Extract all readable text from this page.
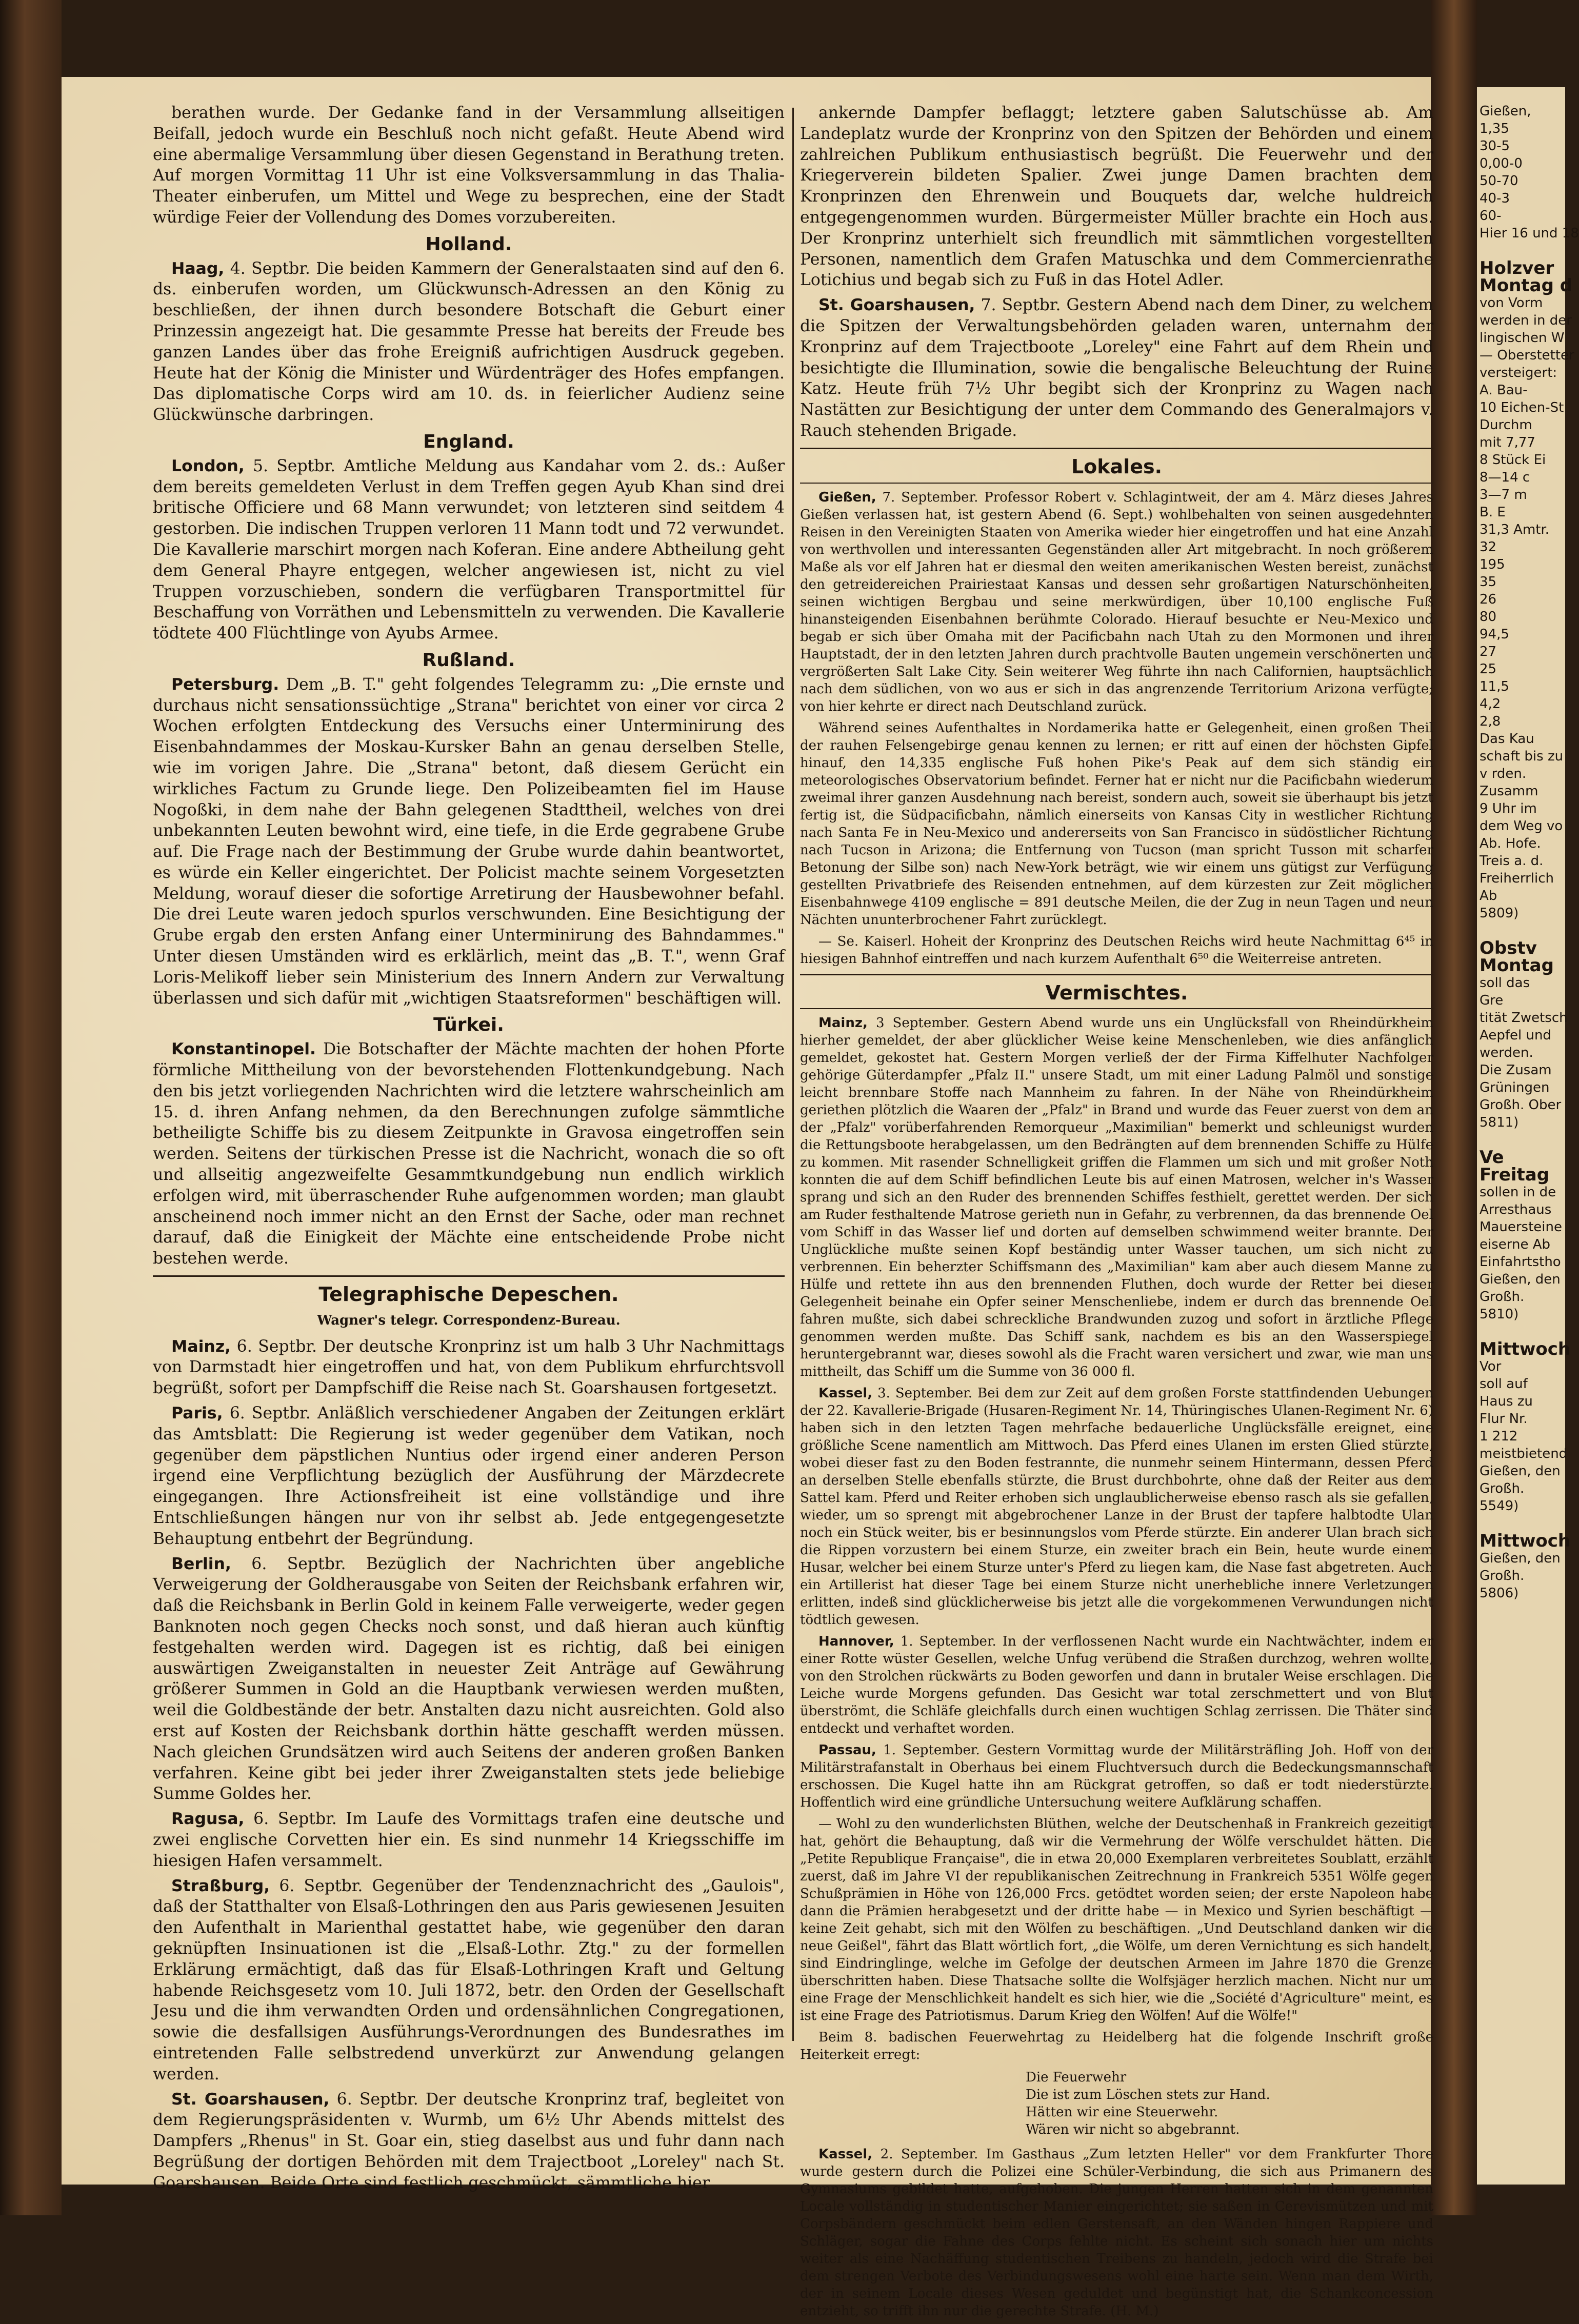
berathen wurde. Der Gedanke fand in der Versammlung allseitigen Beifall, jedoch wurde ein Beschluß noch nicht gefaßt. Heute Abend wird eine abermalige Versammlung über diesen Gegenstand in Berathung treten. Auf morgen Vormittag 11 Uhr ist eine Volksversammlung in das Thalia-Theater einberufen, um Mittel und Wege zu besprechen, eine der Stadt würdige Feier der Vollendung des Domes vorzubereiten.

Holland.

Haag, 4. Septbr. Die beiden Kammern der Generalstaaten sind auf den 6. ds. einberufen worden, um Glückwunsch-Adressen an den König zu beschließen, der ihnen durch besondere Botschaft die Geburt einer Prinzessin angezeigt hat. Die gesammte Presse hat bereits der Freude bes ganzen Landes über das frohe Ereigniß aufrichtigen Ausdruck gegeben. Heute hat der König die Minister und Würdenträger des Hofes empfangen. Das diplomatische Corps wird am 10. ds. in feierlicher Audienz seine Glückwünsche darbringen.

England.

London, 5. Septbr. Amtliche Meldung aus Kandahar vom 2. ds.: Außer dem bereits gemeldeten Verlust in dem Treffen gegen Ayub Khan sind drei britische Officiere und 68 Mann verwundet; von letzteren sind seitdem 4 gestorben. Die indischen Truppen verloren 11 Mann todt und 72 verwundet. Die Kavallerie marschirt morgen nach Koferan. Eine andere Abtheilung geht dem General Phayre entgegen, welcher angewiesen ist, nicht zu viel Truppen vorzuschieben, sondern die verfügbaren Transportmittel für Beschaffung von Vorräthen und Lebensmitteln zu verwenden. Die Kavallerie tödtete 400 Flüchtlinge von Ayubs Armee.

Rußland.

Petersburg. Dem „B. T." geht folgendes Telegramm zu: „Die ernste und durchaus nicht sensationssüchtige „Strana" berichtet von einer vor circa 2 Wochen erfolgten Entdeckung des Versuchs einer Unterminirung des Eisenbahndammes der Moskau-Kursker Bahn an genau derselben Stelle, wie im vorigen Jahre. Die „Strana" betont, daß diesem Gerücht ein wirkliches Factum zu Grunde liege. Den Polizeibeamten fiel im Hause Nogoßki, in dem nahe der Bahn gelegenen Stadttheil, welches von drei unbekannten Leuten bewohnt wird, eine tiefe, in die Erde gegrabene Grube auf. Die Frage nach der Bestimmung der Grube wurde dahin beantwortet, es würde ein Keller eingerichtet. Der Policist machte seinem Vorgesetzten Meldung, worauf dieser die sofortige Arretirung der Hausbewohner befahl. Die drei Leute waren jedoch spurlos verschwunden. Eine Besichtigung der Grube ergab den ersten Anfang einer Unterminirung des Bahndammes." Unter diesen Umständen wird es erklärlich, meint das „B. T.", wenn Graf Loris-Melikoff lieber sein Ministerium des Innern Andern zur Verwaltung überlassen und sich dafür mit „wichtigen Staatsreformen" beschäftigen will.

Türkei.

Konstantinopel. Die Botschafter der Mächte machten der hohen Pforte förmliche Mittheilung von der bevorstehenden Flottenkundgebung. Nach den bis jetzt vorliegenden Nachrichten wird die letztere wahrscheinlich am 15. d. ihren Anfang nehmen, da den Berechnungen zufolge sämmtliche betheiligte Schiffe bis zu diesem Zeitpunkte in Gravosa eingetroffen sein werden. Seitens der türkischen Presse ist die Nachricht, wonach die so oft und allseitig angezweifelte Gesammtkundgebung nun endlich wirklich erfolgen wird, mit überraschender Ruhe aufgenommen worden; man glaubt anscheinend noch immer nicht an den Ernst der Sache, oder man rechnet darauf, daß die Einigkeit der Mächte eine entscheidende Probe nicht bestehen werde.

Telegraphische Depeschen.
Wagner's telegr. Correspondenz-Bureau.

Mainz, 6. Septbr. Der deutsche Kronprinz ist um halb 3 Uhr Nachmittags von Darmstadt hier eingetroffen und hat, von dem Publikum ehrfurchtsvoll begrüßt, sofort per Dampfschiff die Reise nach St. Goarshausen fortgesetzt.

Paris, 6. Septbr. Anläßlich verschiedener Angaben der Zeitungen erklärt das Amtsblatt: Die Regierung ist weder gegenüber dem Vatikan, noch gegenüber dem päpstlichen Nuntius oder irgend einer anderen Person irgend eine Verpflichtung bezüglich der Ausführung der Märzdecrete eingegangen. Ihre Actionsfreiheit ist eine vollständige und ihre Entschließungen hängen nur von ihr selbst ab. Jede entgegengesetzte Behauptung entbehrt der Begründung.

Berlin, 6. Septbr. Bezüglich der Nachrichten über angebliche Verweigerung der Goldherausgabe von Seiten der Reichsbank erfahren wir, daß die Reichsbank in Berlin Gold in keinem Falle verweigerte, weder gegen Banknoten noch gegen Checks noch sonst, und daß hieran auch künftig festgehalten werden wird. Dagegen ist es richtig, daß bei einigen auswärtigen Zweiganstalten in neuester Zeit Anträge auf Gewährung größerer Summen in Gold an die Hauptbank verwiesen werden mußten, weil die Goldbestände der betr. Anstalten dazu nicht ausreichten. Gold also erst auf Kosten der Reichsbank dorthin hätte geschafft werden müssen. Nach gleichen Grundsätzen wird auch Seitens der anderen großen Banken verfahren. Keine gibt bei jeder ihrer Zweiganstalten stets jede beliebige Summe Goldes her.

Ragusa, 6. Septbr. Im Laufe des Vormittags trafen eine deutsche und zwei englische Corvetten hier ein. Es sind nunmehr 14 Kriegsschiffe im hiesigen Hafen versammelt.

Straßburg, 6. Septbr. Gegenüber der Tendenznachricht des „Gaulois", daß der Statthalter von Elsaß-Lothringen den aus Paris gewiesenen Jesuiten den Aufenthalt in Marienthal gestattet habe, wie gegenüber den daran geknüpften Insinuationen ist die „Elsaß-Lothr. Ztg." zu der formellen Erklärung ermächtigt, daß das für Elsaß-Lothringen Kraft und Geltung habende Reichsgesetz vom 10. Juli 1872, betr. den Orden der Gesellschaft Jesu und die ihm verwandten Orden und ordensähnlichen Congregationen, sowie die desfallsigen Ausführungs-Verordnungen des Bundesrathes im eintretenden Falle selbstredend unverkürzt zur Anwendung gelangen werden.

St. Goarshausen, 6. Septbr. Der deutsche Kronprinz traf, begleitet von dem Regierungspräsidenten v. Wurmb, um 6½ Uhr Abends mittelst des Dampfers „Rhenus" in St. Goar ein, stieg daselbst aus und fuhr dann nach Begrüßung der dortigen Behörden mit dem Trajectboot „Loreley" nach St. Goarshausen. Beide Orte sind festlich geschmückt, sämmtliche hier

ankernde Dampfer beflaggt; letztere gaben Salutschüsse ab. Am Landeplatz wurde der Kronprinz von den Spitzen der Behörden und einem zahlreichen Publikum enthusiastisch begrüßt. Die Feuerwehr und der Kriegerverein bildeten Spalier. Zwei junge Damen brachten dem Kronprinzen den Ehrenwein und Bouquets dar, welche huldreich entgegengenommen wurden. Bürgermeister Müller brachte ein Hoch aus. Der Kronprinz unterhielt sich freundlich mit sämmtlichen vorgestellten Personen, namentlich dem Grafen Matuschka und dem Commercienrathe Lotichius und begab sich zu Fuß in das Hotel Adler.

St. Goarshausen, 7. Septbr. Gestern Abend nach dem Diner, zu welchem die Spitzen der Verwaltungsbehörden geladen waren, unternahm der Kronprinz auf dem Trajectboote „Loreley" eine Fahrt auf dem Rhein und besichtigte die Illumination, sowie die bengalische Beleuchtung der Ruine Katz. Heute früh 7½ Uhr begibt sich der Kronprinz zu Wagen nach Nastätten zur Besichtigung der unter dem Commando des Generalmajors v. Rauch stehenden Brigade.

Lokales.

Gießen, 7. September. Professor Robert v. Schlagintweit, der am 4. März dieses Jahres Gießen verlassen hat, ist gestern Abend (6. Sept.) wohlbehalten von seinen ausgedehnten Reisen in den Vereinigten Staaten von Amerika wieder hier eingetroffen und hat eine Anzahl von werthvollen und interessanten Gegenständen aller Art mitgebracht. In noch größerem Maße als vor elf Jahren hat er diesmal den weiten amerikanischen Westen bereist, zunächst den getreidereichen Prairiestaat Kansas und dessen sehr großartigen Naturschönheiten, seinen wichtigen Bergbau und seine merkwürdigen, über 10,100 englische Fuß hinansteigenden Eisenbahnen berühmte Colorado. Hierauf besuchte er Neu-Mexico und begab er sich über Omaha mit der Pacificbahn nach Utah zu den Mormonen und ihrer Hauptstadt, der in den letzten Jahren durch prachtvolle Bauten ungemein verschönerten und vergrößerten Salt Lake City. Sein weiterer Weg führte ihn nach Californien, hauptsächlich nach dem südlichen, von wo aus er sich in das angrenzende Territorium Arizona verfügte; von hier kehrte er direct nach Deutschland zurück.

Während seines Aufenthaltes in Nordamerika hatte er Gelegenheit, einen großen Theil der rauhen Felsengebirge genau kennen zu lernen; er ritt auf einen der höchsten Gipfel hinauf, den 14,335 englische Fuß hohen Pike's Peak auf dem sich ständig ein meteorologisches Observatorium befindet. Ferner hat er nicht nur die Pacificbahn wiederum zweimal ihrer ganzen Ausdehnung nach bereist, sondern auch, soweit sie überhaupt bis jetzt fertig ist, die Südpacificbahn, nämlich einerseits von Kansas City in westlicher Richtung nach Santa Fe in Neu-Mexico und andererseits von San Francisco in südöstlicher Richtung nach Tucson in Arizona; die Entfernung von Tucson (man spricht Tusson mit scharfer Betonung der Silbe son) nach New-York beträgt, wie wir einem uns gütigst zur Verfügung gestellten Privatbriefe des Reisenden entnehmen, auf dem kürzesten zur Zeit möglichen Eisenbahnwege 4109 englische = 891 deutsche Meilen, die der Zug in neun Tagen und neun Nächten ununterbrochener Fahrt zurücklegt.

— Se. Kaiserl. Hoheit der Kronprinz des Deutschen Reichs wird heute Nachmittag 6⁴⁵ in hiesigen Bahnhof eintreffen und nach kurzem Aufenthalt 6⁵⁰ die Weiterreise antreten.

Vermischtes.

Mainz, 3 September. Gestern Abend wurde uns ein Unglücksfall von Rheindürkheim hierher gemeldet, der aber glücklicher Weise keine Menschenleben, wie dies anfänglich gemeldet, gekostet hat. Gestern Morgen verließ der der Firma Kiffelhuter Nachfolger gehörige Güterdampfer „Pfalz II." unsere Stadt, um mit einer Ladung Palmöl und sonstige leicht brennbare Stoffe nach Mannheim zu fahren. In der Nähe von Rheindürkheim geriethen plötzlich die Waaren der „Pfalz" in Brand und wurde das Feuer zuerst von dem an der „Pfalz" vorüberfahrenden Remorqueur „Maximilian" bemerkt und schleunigst wurden die Rettungsboote herabgelassen, um den Bedrängten auf dem brennenden Schiffe zu Hülfe zu kommen. Mit rasender Schnelligkeit griffen die Flammen um sich und mit großer Noth konnten die auf dem Schiff befindlichen Leute bis auf einen Matrosen, welcher in's Wasser sprang und sich an den Ruder des brennenden Schiffes festhielt, gerettet werden. Der sich am Ruder festhaltende Matrose gerieth nun in Gefahr, zu verbrennen, da das brennende Oel vom Schiff in das Wasser lief und dorten auf demselben schwimmend weiter brannte. Der Unglückliche mußte seinen Kopf beständig unter Wasser tauchen, um sich nicht zu verbrennen. Ein beherzter Schiffsmann des „Maximilian" kam aber auch diesem Manne zu Hülfe und rettete ihn aus den brennenden Fluthen, doch wurde der Retter bei dieser Gelegenheit beinahe ein Opfer seiner Menschenliebe, indem er durch das brennende Oel fahren mußte, sich dabei schreckliche Brandwunden zuzog und sofort in ärztliche Pflege genommen werden mußte. Das Schiff sank, nachdem es bis an den Wasserspiegel heruntergebrannt war, dieses sowohl als die Fracht waren versichert und zwar, wie man uns mittheilt, das Schiff um die Summe von 36 000 fl.

Kassel, 3. September. Bei dem zur Zeit auf dem großen Forste stattfindenden Uebungen der 22. Kavallerie-Brigade (Husaren-Regiment Nr. 14, Thüringisches Ulanen-Regiment Nr. 6) haben sich in den letzten Tagen mehrfache bedauerliche Unglücksfälle ereignet, eine größliche Scene namentlich am Mittwoch. Das Pferd eines Ulanen im ersten Glied stürzte, wobei dieser fast zu den Boden festrannte, die nunmehr seinem Hintermann, dessen Pferd an derselben Stelle ebenfalls stürzte, die Brust durchbohrte, ohne daß der Reiter aus dem Sattel kam. Pferd und Reiter erhoben sich unglaublicherweise ebenso rasch als sie gefallen, wieder, um so sprengt mit abgebrochener Lanze in der Brust der tapfere halbtodte Ulan noch ein Stück weiter, bis er besinnungslos vom Pferde stürzte. Ein anderer Ulan brach sich die Rippen vorzustern bei einem Sturze, ein zweiter brach ein Bein, heute wurde einem Husar, welcher bei einem Sturze unter's Pferd zu liegen kam, die Nase fast abgetreten. Auch ein Artillerist hat dieser Tage bei einem Sturze nicht unerhebliche innere Verletzungen erlitten, indeß sind glücklicherweise bis jetzt alle die vorgekommenen Verwundungen nicht tödtlich gewesen.

Hannover, 1. September. In der verflossenen Nacht wurde ein Nachtwächter, indem er einer Rotte wüster Gesellen, welche Unfug verübend die Straßen durchzog, wehren wollte, von den Strolchen rückwärts zu Boden geworfen und dann in brutaler Weise erschlagen. Die Leiche wurde Morgens gefunden. Das Gesicht war total zerschmettert und von Blut überströmt, die Schläfe gleichfalls durch einen wuchtigen Schlag zerrissen. Die Thäter sind entdeckt und verhaftet worden.

Passau, 1. September. Gestern Vormittag wurde der Militärsträfling Joh. Hoff von der Militärstrafanstalt in Oberhaus bei einem Fluchtversuch durch die Bedeckungsmannschaft erschossen. Die Kugel hatte ihn am Rückgrat getroffen, so daß er todt niederstürzte. Hoffentlich wird eine gründliche Untersuchung weitere Aufklärung schaffen.

— Wohl zu den wunderlichsten Blüthen, welche der Deutschenhaß in Frankreich gezeitigt hat, gehört die Behauptung, daß wir die Vermehrung der Wölfe verschuldet hätten. Die „Petite Republique Française", die in etwa 20,000 Exemplaren verbreitetes Soublatt, erzählt zuerst, daß im Jahre VI der republikanischen Zeitrechnung in Frankreich 5351 Wölfe gegen Schußprämien in Höhe von 126,000 Frcs. getödtet worden seien; der erste Napoleon habe dann die Prämien herabgesetzt und der dritte habe — in Mexico und Syrien beschäftigt — keine Zeit gehabt, sich mit den Wölfen zu beschäftigen. „Und Deutschland danken wir die neue Geißel", fährt das Blatt wörtlich fort, „die Wölfe, um deren Vernichtung es sich handelt, sind Eindringlinge, welche im Gefolge der deutschen Armeen im Jahre 1870 die Grenze überschritten haben. Diese Thatsache sollte die Wolfsjäger herzlich machen. Nicht nur um eine Frage der Menschlichkeit handelt es sich hier, wie die „Société d'Agriculture" meint, es ist eine Frage des Patriotismus. Darum Krieg den Wölfen! Auf die Wölfe!"

Beim 8. badischen Feuerwehrtag zu Heidelberg hat die folgende Inschrift große Heiterkeit erregt:

Die Feuerwehr
Die ist zum Löschen stets zur Hand.
Hätten wir eine Steuerwehr.
Wären wir nicht so abgebrannt.

Kassel, 2. September. Im Gasthaus „Zum letzten Heller" vor dem Frankfurter Thore wurde gestern durch die Polizei eine Schüler-Verbindung, die sich aus Primanern des Gymnasiums gebildet hatte, aufgehoben. Die jungen Herren hatten sich in dem genannten Locale vollständig in studentischer Manier eingerichtet; sie saßen in Cerevismützen und mit Corpsbändern geschmückt beim edlen Gerstensaft, an den Wänden hingen Rappiere und Schläger, sogar die Fahne des Corps fehlte nicht. Es scheint sich sonach hier um nichts weiter als eine Nachäffung studentischen Treibens zu handeln, jedoch wird die Strafe bei dem strengen Verbote des Verbindungswesens wohl eine harte sein. Wenn man dem Wirth, der in seinem Locale dieses Wesen geduldet und begünstigt hat, die Schankconcession entzieht, so trifft ihn nur die gerechte Strafe. (H. M.)

Gießen,
1,35
30-5
0,00-0
50-70
40-3
60-
Hier 16 und 18

Holzver
Montag d
von Vorm
werden in der
lingischen W
— Oberstetter
versteigert:
A. Bau-
10 Eichen-St
Durchm
mit 7,77
8 Stück Ei
8—14 c
3—7 m
B. E
31,3 Amtr.
32
195
35
26
80
94,5
27
25
11,5
4,2
2,8
Das Kau
schaft bis zu
v rden.
Zusamm
9 Uhr im
dem Weg vo
Ab. Hofe.
Treis a. d.
Freiherrlich
Ab
5809)

Obstv
Montag
soll das
Gre
tität Zwetsch
Aepfel und
werden.
Die Zusam
Grüningen
Großh. Ober
5811)

Ve
Freitag
sollen in de
Arresthaus
Mauersteine
eiserne Ab
Einfahrtstho
Gießen, den
Großh.
5810)

Mittwoch
Vor
soll auf
Haus zu
Flur Nr.
1 212
meistbietend
Gießen, den
Großh.
5549)

Mittwoch
Gießen, den
Großh.
5806)
